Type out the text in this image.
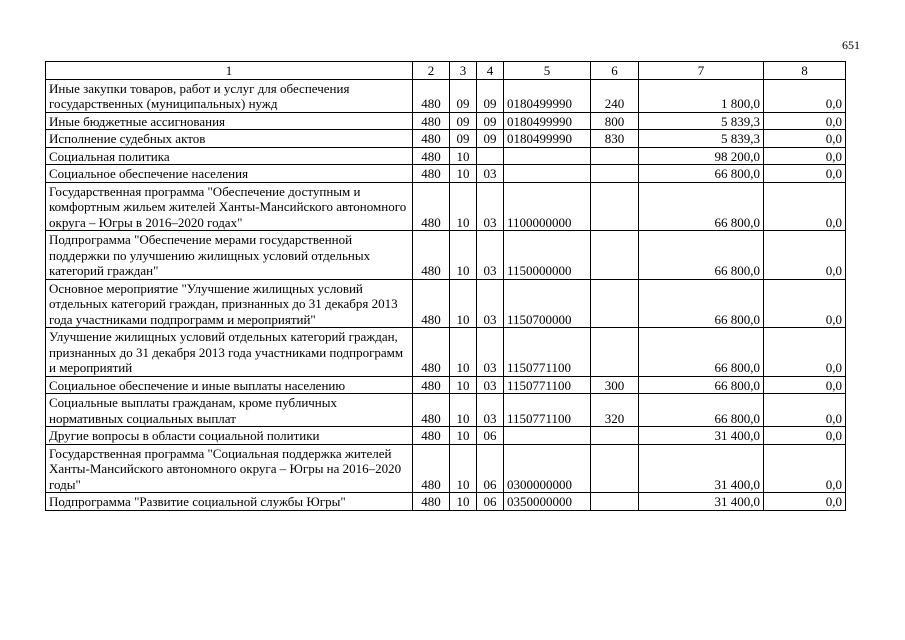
651
1	2	3	4	5	6	7	8
Иные закупки товаров, работ и услуг для обеспечения государственных (муниципальных) нужд	480	09	09	0180499990	240	1 800,0	0,0
Иные бюджетные ассигнования	480	09	09	0180499990	800	5 839,3	0,0
Исполнение судебных актов	480	09	09	0180499990	830	5 839,3	0,0
Социальная политика	480	10				98 200,0	0,0
Социальное обеспечение населения	480	10	03			66 800,0	0,0
Государственная программа "Обеспечение доступным и комфортным жильем жителей Ханты-Мансийского автономного округа – Югры в 2016–2020 годах"	480	10	03	1100000000		66 800,0	0,0
Подпрограмма "Обеспечение мерами государственной поддержки по улучшению жилищных условий отдельных категорий граждан"	480	10	03	1150000000		66 800,0	0,0
Основное мероприятие "Улучшение жилищных условий отдельных категорий граждан, признанных до 31 декабря 2013 года участниками подпрограмм и мероприятий"	480	10	03	1150700000		66 800,0	0,0
Улучшение жилищных условий отдельных категорий граждан, признанных до 31 декабря 2013 года участниками подпрограмм и мероприятий	480	10	03	1150771100		66 800,0	0,0
Социальное обеспечение и иные выплаты населению	480	10	03	1150771100	300	66 800,0	0,0
Социальные выплаты гражданам, кроме публичных нормативных социальных выплат	480	10	03	1150771100	320	66 800,0	0,0
Другие вопросы в области социальной политики	480	10	06			31 400,0	0,0
Государственная программа "Социальная поддержка жителей Ханты-Мансийского автономного округа – Югры на 2016–2020 годы"	480	10	06	0300000000		31 400,0	0,0
Подпрограмма "Развитие социальной службы Югры"	480	10	06	0350000000		31 400,0	0,0
